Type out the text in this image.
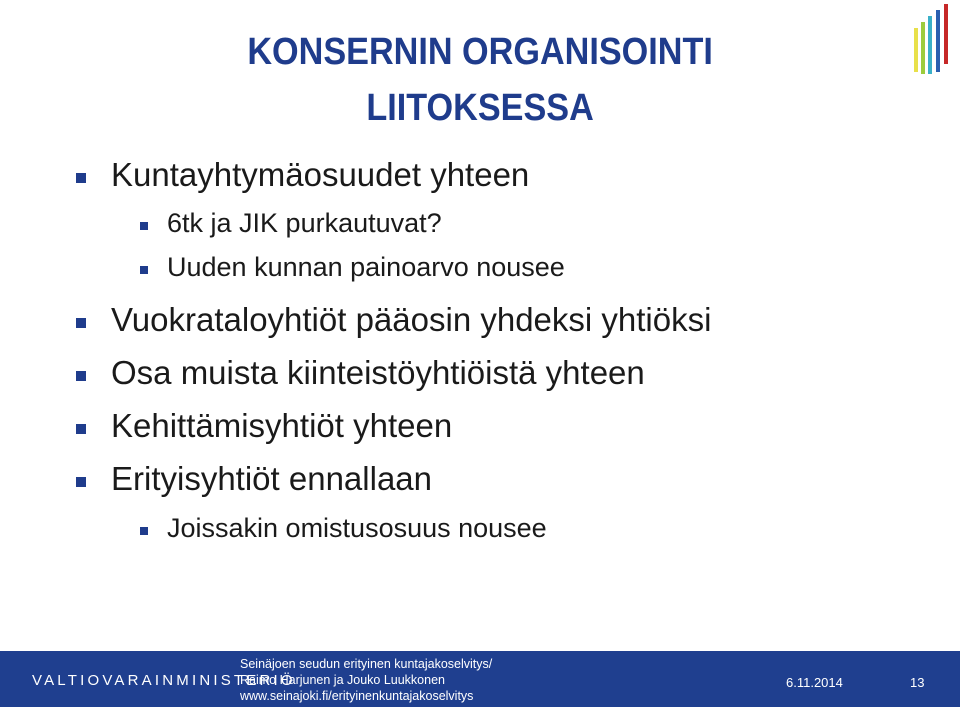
KONSERNIN ORGANISOINTI
LIITOKSESSA
Kuntayhtymäosuudet yhteen
6tk ja JIK purkautuvat?
Uuden kunnan painoarvo nousee
Vuokrataloyhtiöt pääosin yhdeksi yhtiöksi
Osa muista kiinteistöyhtiöistä yhteen
Kehittämisyhtiöt yhteen
Erityisyhtiöt ennallaan
Joissakin omistusosuus nousee
VALTIOVARAINMINISTERIÖ
Seinäjoen seudun erityinen kuntajakoselvitys/
Raimo Harjunen ja Jouko Luukkonen
www.seinajoki.fi/erityinenkuntajakoselvitys
6.11.2014	13
